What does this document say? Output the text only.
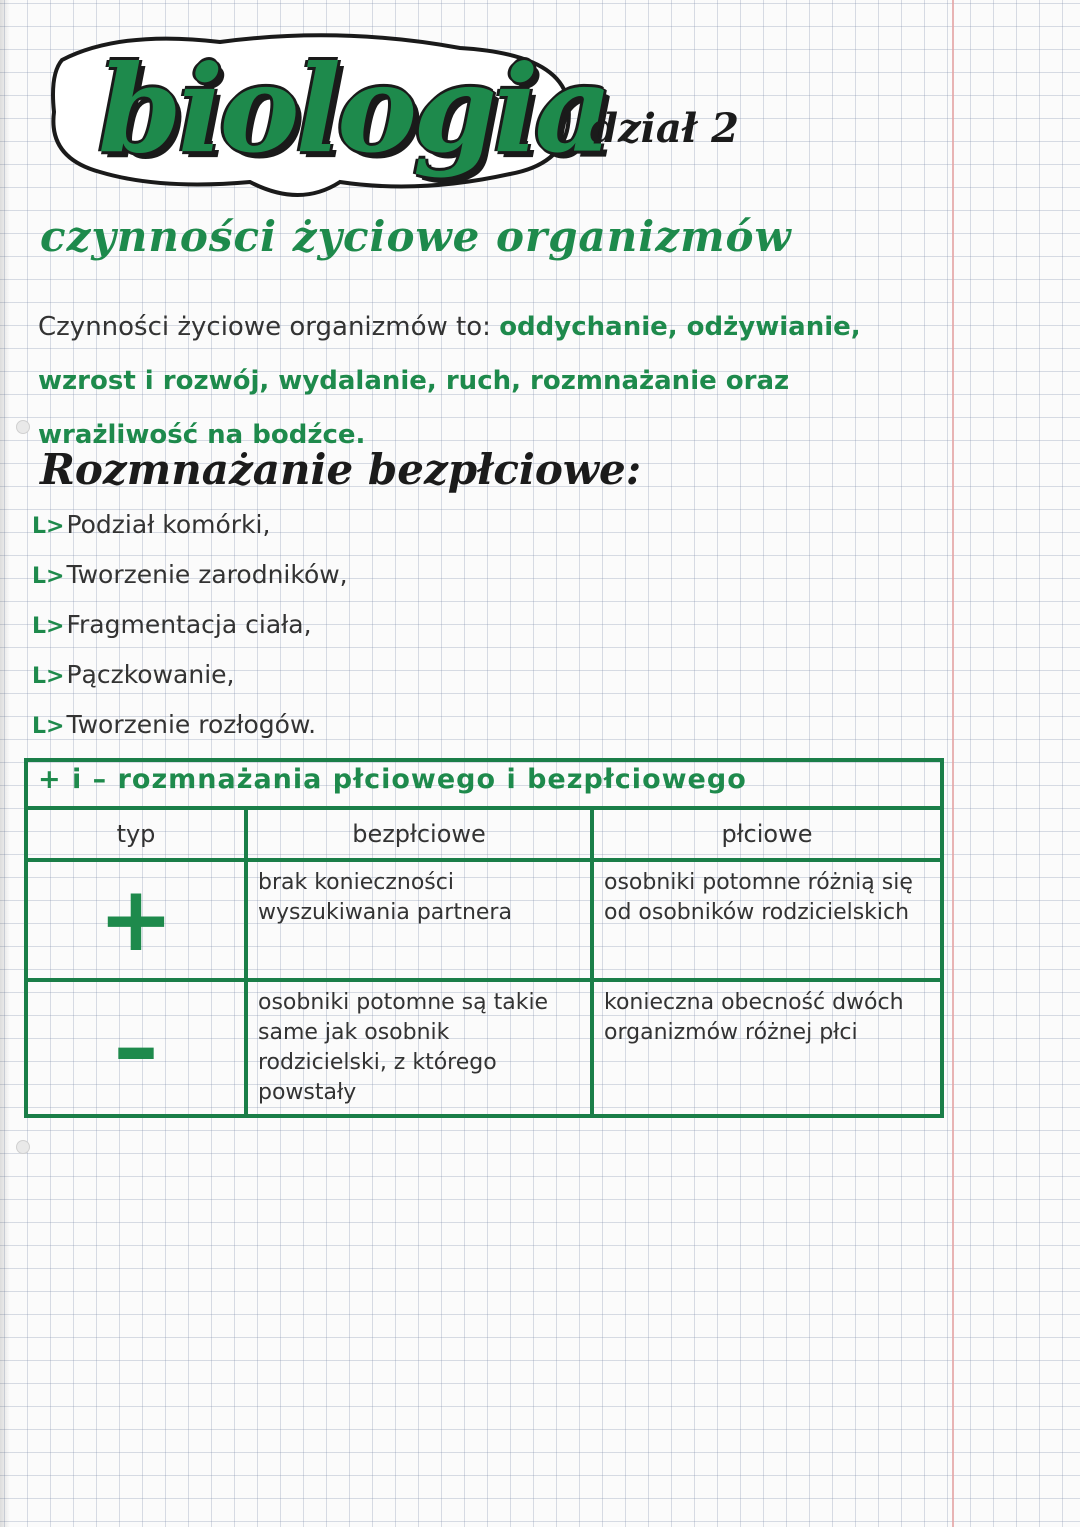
biologia
dział 2
czynności życiowe organizmów
Czynności życiowe organizmów to: oddychanie, odżywianie, wzrost i rozwój, wydalanie, ruch, rozmnażanie oraz wrażliwość na bodźce.
Rozmnażanie bezpłciowe:
L>Podział komórki,
L>Tworzenie zarodników,
L>Fragmentacja ciała,
L>Pączkowanie,
L>Tworzenie rozłogów.
+ i – rozmnażania płciowego i bezpłciowego		
typ	bezpłciowe	płciowe
+	brak konieczności wyszukiwania partnera	osobniki potomne różnią się od osobników rodzicielskich
–	osobniki potomne są takie same jak osobnik rodzicielski, z którego powstały	konieczna obecność dwóch organizmów różnej płci
